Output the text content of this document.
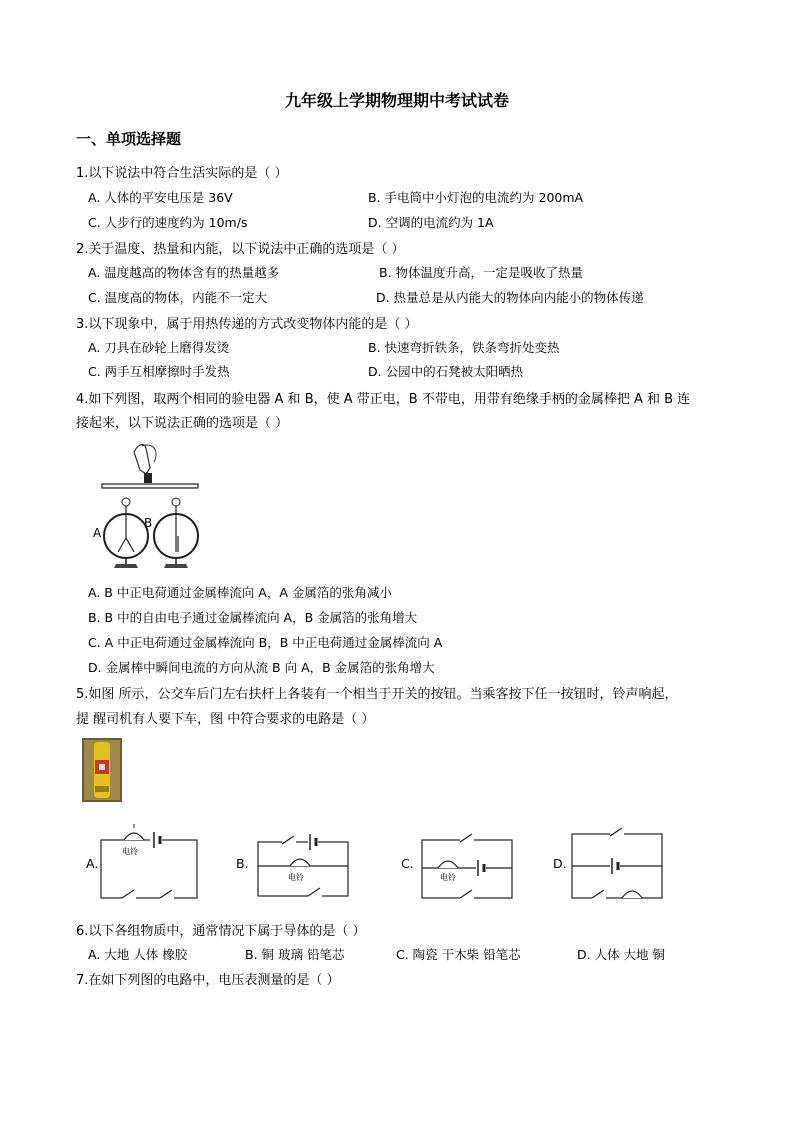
九年级上学期物理期中考试试卷
一、单项选择题
1.以下说法中符合生活实际的是（ ）
A. 人体的平安电压是 36V	B. 手电筒中小灯泡的电流约为 200mA
C. 人步行的速度约为 10m/s	D. 空调的电流约为 1A
2.关于温度、热量和内能，以下说法中正确的选项是（ ）
A. 温度越高的物体含有的热量越多	B. 物体温度升高，一定是吸收了热量
C. 温度高的物体，内能不一定大	D. 热量总是从内能大的物体向内能小的物体传递
3.以下现象中，属于用热传递的方式改变物体内能的是（ ）
A. 刀具在砂轮上磨得发烫	B. 快速弯折铁条，铁条弯折处变热
C. 两手互相摩擦时手发热	D. 公园中的石凳被太阳晒热
4.如下列图，取两个相同的验电器 A 和 B，使 A 带正电，B 不带电，用带有绝缘手柄的金属棒把 A 和 B 连
接起来，以下说法正确的选项是（ ）
A
B
A. B 中正电荷通过金属棒流向 A，A 金属箔的张角减小
B. B 中的自由电子通过金属棒流向 A，B 金属箔的张角增大
C. A 中正电荷通过金属棒流向 B，B 中正电荷通过金属棒流向 A
D. 金属棒中瞬间电流的方向从流 B 向 A，B 金属箔的张角增大
5.如图 所示，公交车后门左右扶杆上各装有一个相当于开关的按钮。当乘客按下任一按钮时，铃声响起，
提 醒司机有人要下车，图 中符合要求的电路是（ ）
A.
电铃
B.
电铃
C.
电铃
D.
6.以下各组物质中，通常情况下属于导体的是（ ）
A. 大地 人体 橡胶	B. 铜 玻璃 铅笔芯	C. 陶瓷 干木柴 铅笔芯	D. 人体 大地 铜
7.在如下列图的电路中，电压表测量的是（ ）
